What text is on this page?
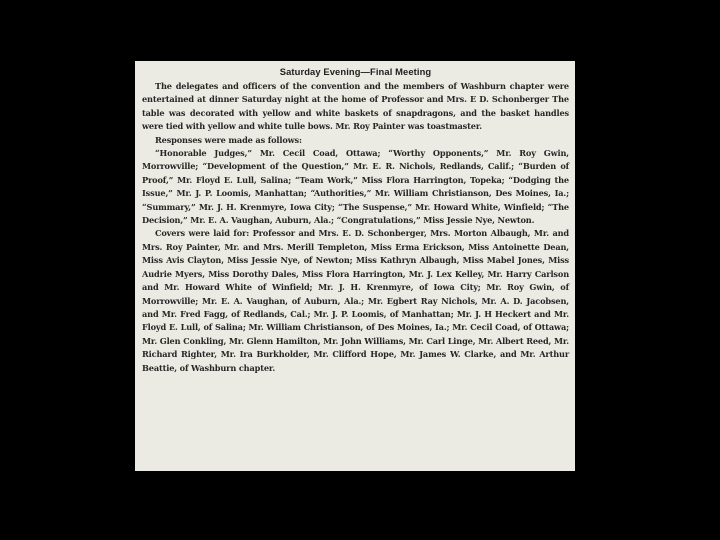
Saturday Evening—Final Meeting

The delegates and officers of the convention and the members of Washburn chapter were entertained at dinner Saturday night at the home of Professor and Mrs. E D. Schonberger The table was decorated with yellow and white baskets of snapdragons, and the basket handles were tied with yellow and white tulle bows. Mr. Roy Painter was toastmaster.

Responses were made as follows:

“Honorable Judges,” Mr. Cecil Coad, Ottawa; “Worthy Opponents,” Mr. Roy Gwin, Morrowville; “Development of the Question,” Mr. E. R. Nichols, Redlands, Calif.; “Burden of Proof,” Mr. Floyd E. Lull, Salina; “Team Work,” Miss Flora Harrington, Topeka; “Dodging the Issue,” Mr. J. P. Loomis, Manhattan; “Authorities,” Mr. William Christianson, Des Moines, Ia.; “Summary,” Mr. J. H. Krenmyre, Iowa City; “The Suspense,” Mr. Howard White, Winfield; “The Decision,” Mr. E. A. Vaughan, Auburn, Ala.; “Congratulations,” Miss Jessie Nye, Newton.

Covers were laid for: Professor and Mrs. E. D. Schonberger, Mrs. Morton Albaugh, Mr. and Mrs. Roy Painter, Mr. and Mrs. Merill Templeton, Miss Erma Erickson, Miss Antoinette Dean, Miss Avis Clayton, Miss Jessie Nye, of Newton; Miss Kathryn Albaugh, Miss Mabel Jones, Miss Audrie Myers, Miss Dorothy Dales, Miss Flora Harrington, Mr. J. Lex Kelley, Mr. Harry Carlson and Mr. Howard White of Winfield; Mr. J. H. Krenmyre, of Iowa City; Mr. Roy Gwin, of Morrowville; Mr. E. A. Vaughan, of Auburn, Ala.; Mr. Egbert Ray Nichols, Mr. A. D. Jacobsen, and Mr. Fred Fagg, of Redlands, Cal.; Mr. J. P. Loomis, of Manhattan; Mr. J. H Heckert and Mr. Floyd E. Lull, of Salina; Mr. William Christianson, of Des Moines, Ia.; Mr. Cecil Coad, of Ottawa; Mr. Glen Conkling, Mr. Glenn Hamilton, Mr. John Williams, Mr. Carl Linge, Mr. Albert Reed, Mr. Richard Righter, Mr. Ira Burkholder, Mr. Clifford Hope, Mr. James W. Clarke, and Mr. Arthur Beattie, of Washburn chapter.
